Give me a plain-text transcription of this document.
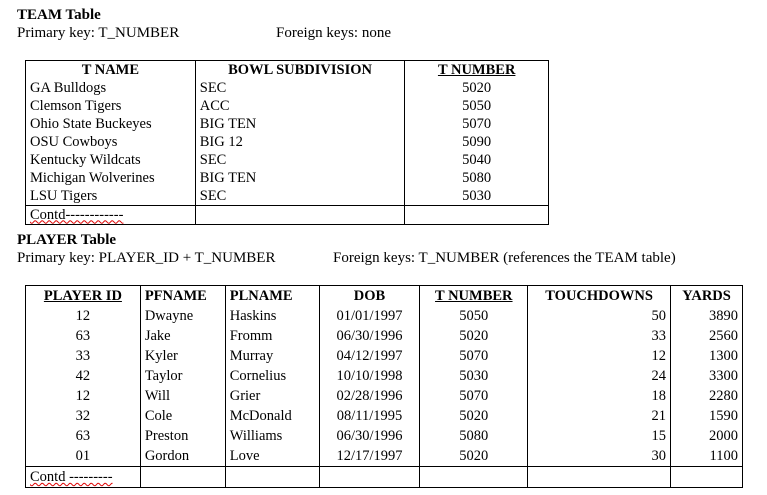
TEAM Table
Primary key: T_NUMBER	Foreign keys: none
T NAME	BOWL SUBDIVISION	T NUMBER
GA Bulldogs	SEC	5020
Clemson Tigers	ACC	5050
Ohio State Buckeyes	BIG TEN	5070
OSU Cowboys	BIG 12	5090
Kentucky Wildcats	SEC	5040
Michigan Wolverines	BIG TEN	5080
LSU Tigers	SEC	5030
Contd------------		
PLAYER Table
Primary key: PLAYER_ID + T_NUMBER	Foreign keys: T_NUMBER (references the TEAM table)
PLAYER ID	PFNAME	PLNAME	DOB	T NUMBER	TOUCHDOWNS	YARDS
12	Dwayne	Haskins	01/01/1997	5050	50	3890
63	Jake	Fromm	06/30/1996	5020	33	2560
33	Kyler	Murray	04/12/1997	5070	12	1300
42	Taylor	Cornelius	10/10/1998	5030	24	3300
12	Will	Grier	02/28/1996	5070	18	2280
32	Cole	McDonald	08/11/1995	5020	21	1590
63	Preston	Williams	06/30/1996	5080	15	2000
01	Gordon	Love	12/17/1997	5020	30	1100
Contd ---------						
